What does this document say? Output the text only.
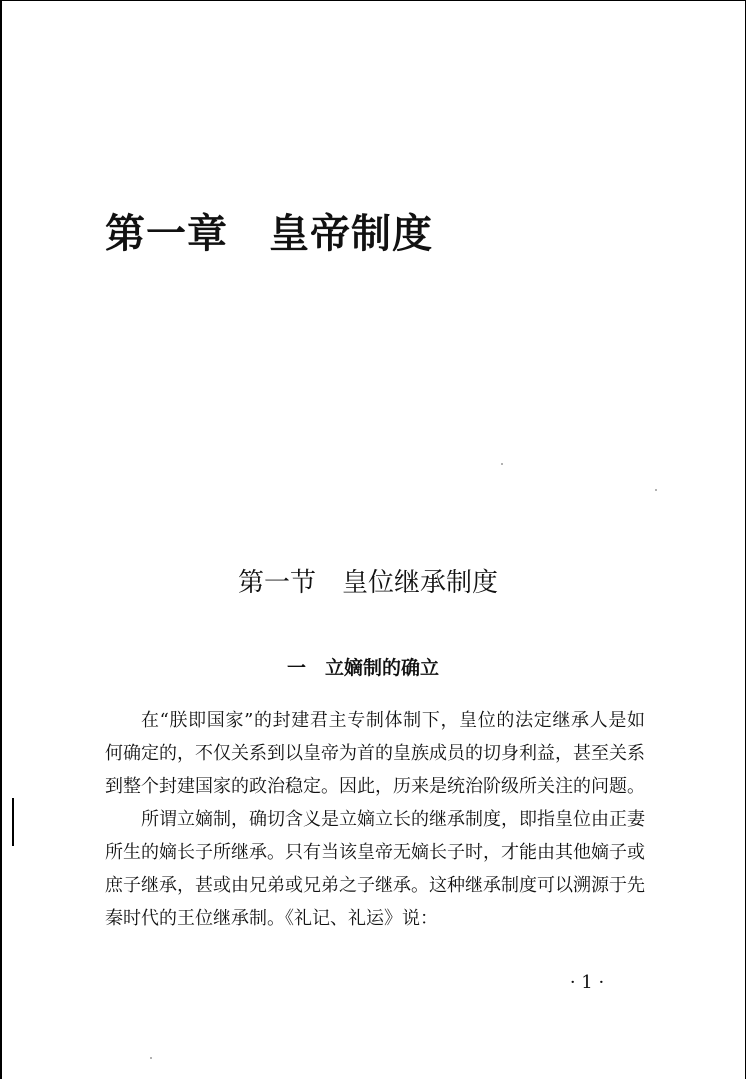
第一章　皇帝制度
第一节　皇位继承制度
一　立嫡制的确立

在“朕即国家”的封建君主专制体制下，皇位的法定继承人是如何确定的，不仅关系到以皇帝为首的皇族成员的切身利益，甚至关系到整个封建国家的政治稳定。因此，历来是统治阶级所关注的问题。

所谓立嫡制，确切含义是立嫡立长的继承制度，即指皇位由正妻所生的嫡长子所继承。只有当该皇帝无嫡长子时，才能由其他嫡子或庶子继承，甚或由兄弟或兄弟之子继承。这种继承制度可以溯源于先秦时代的王位继承制。《礼记、礼运》说：

· 1 ·
